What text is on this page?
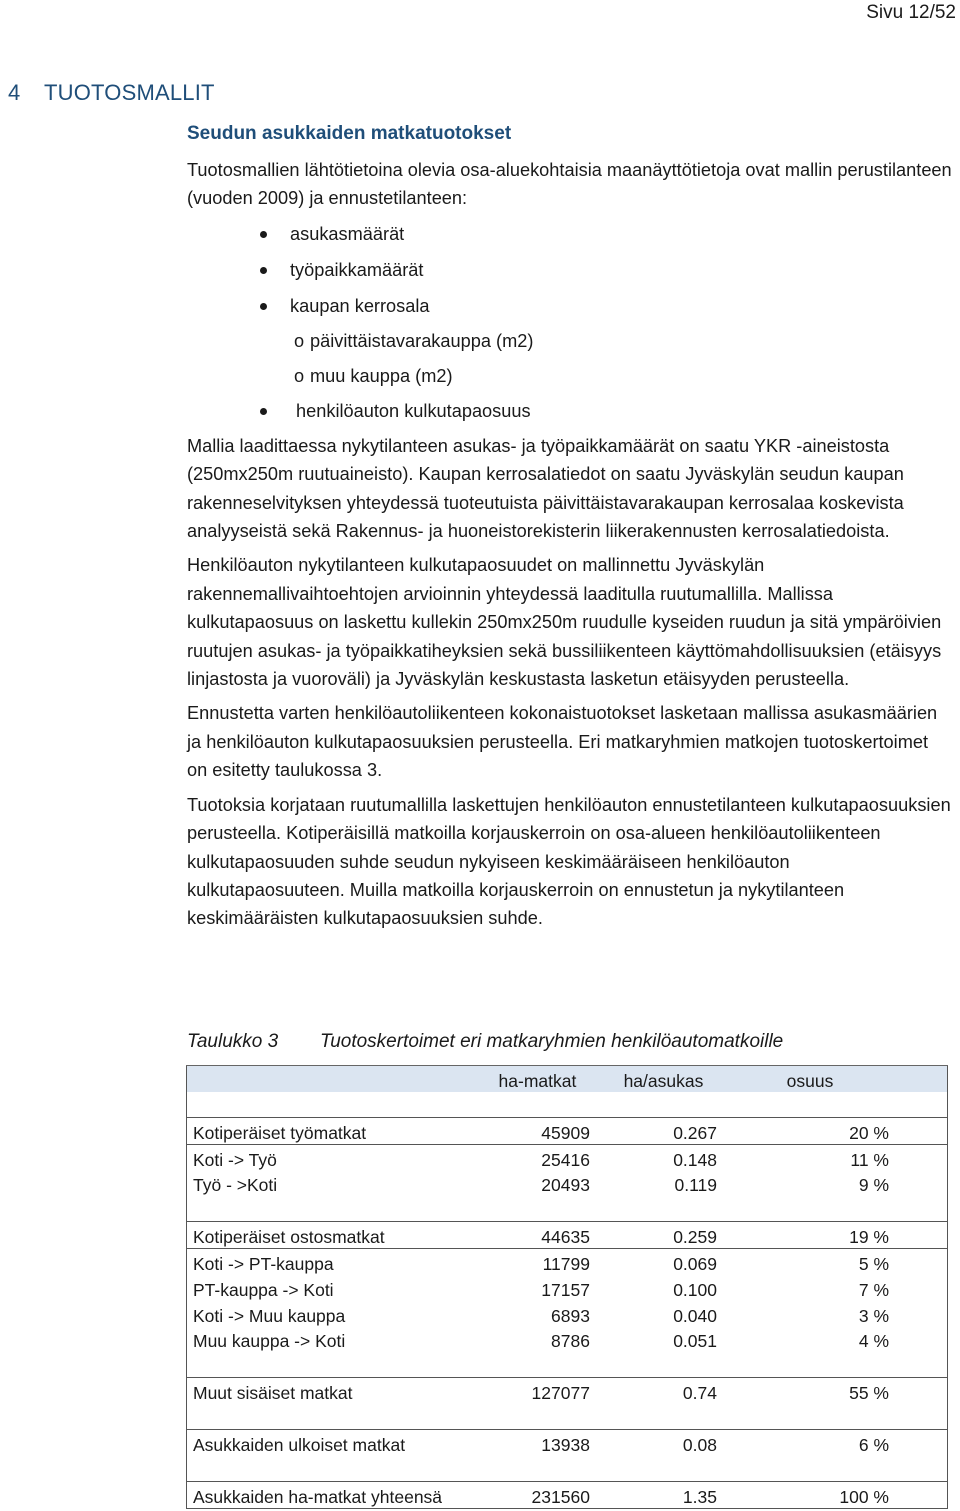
Sivu 12/52
4 TUOTOSMALLIT
Seudun asukkaiden matkatuotokset

Tuotosmallien lähtötietoina olevia osa-aluekohtaisia maanäyttötietoja ovat mallin perustilanteen (vuoden 2009) ja ennustetilanteen:

asukasmäärät
työpaikkamäärät
kaupan kerrosala
o päivittäistavarakauppa (m2)
o muu kauppa (m2)
henkilöauton kulkutapaosuus

Mallia laadittaessa nykytilanteen asukas- ja työpaikkamäärät on saatu YKR -aineistosta (250mx250m ruutuaineisto). Kaupan kerrosalatiedot on saatu Jyväskylän seudun kaupan rakenneselvityksen yhteydessä tuoteutuista päivittäistavarakaupan kerrosalaa koskevista analyyseistä sekä Rakennus- ja huoneistorekisterin liikerakennusten kerrosalatiedoista.

Henkilöauton nykytilanteen kulkutapaosuudet on mallinnettu Jyväskylän rakennemallivaihtoehtojen arvioinnin yhteydessä laaditulla ruutumallilla. Mallissa kulkutapaosuus on laskettu kullekin 250mx250m ruudulle kyseiden ruudun ja sitä ympäröivien ruutujen asukas- ja työpaikkatiheyksien sekä bussiliikenteen käyttömahdollisuuksien (etäisyys linjastosta ja vuoroväli) ja Jyväskylän keskustasta lasketun etäisyyden perusteella.

Ennustetta varten henkilöautoliikenteen kokonaistuotokset lasketaan mallissa asukasmäärien ja henkilöauton kulkutapaosuuksien perusteella. Eri matkaryhmien matkojen tuotoskertoimet on esitetty taulukossa 3.

Tuotoksia korjataan ruutumallilla laskettujen henkilöauton ennustetilanteen kulkutapaosuuksien perusteella. Kotiperäisillä matkoilla korjauskerroin on osa-alueen henkilöautoliikenteen kulkutapaosuuden suhde seudun nykyiseen keskimääräiseen henkilöauton kulkutapaosuuteen. Muilla matkoilla korjauskerroin on ennustetun ja nykytilanteen keskimääräisten kulkutapaosuuksien suhde.

Taulukko 3 Tuotoskertoimet eri matkaryhmien henkilöautomatkoille
	ha-matkat	ha/asukas	osuus

Kotiperäiset työmatkat	45909	0.267	20 %
Koti -> Työ	25416	0.148	11 %
Työ - >Koti	20493	0.119	9 %

Kotiperäiset ostosmatkat	44635	0.259	19 %
Koti -> PT-kauppa	11799	0.069	5 %
PT-kauppa -> Koti	17157	0.100	7 %
Koti -> Muu kauppa	6893	0.040	3 %
Muu kauppa -> Koti	8786	0.051	4 %

Muut sisäiset matkat	127077	0.74	55 %

Asukkaiden ulkoiset matkat	13938	0.08	6 %

Asukkaiden ha-matkat yhteensä	231560	1.35	100 %
